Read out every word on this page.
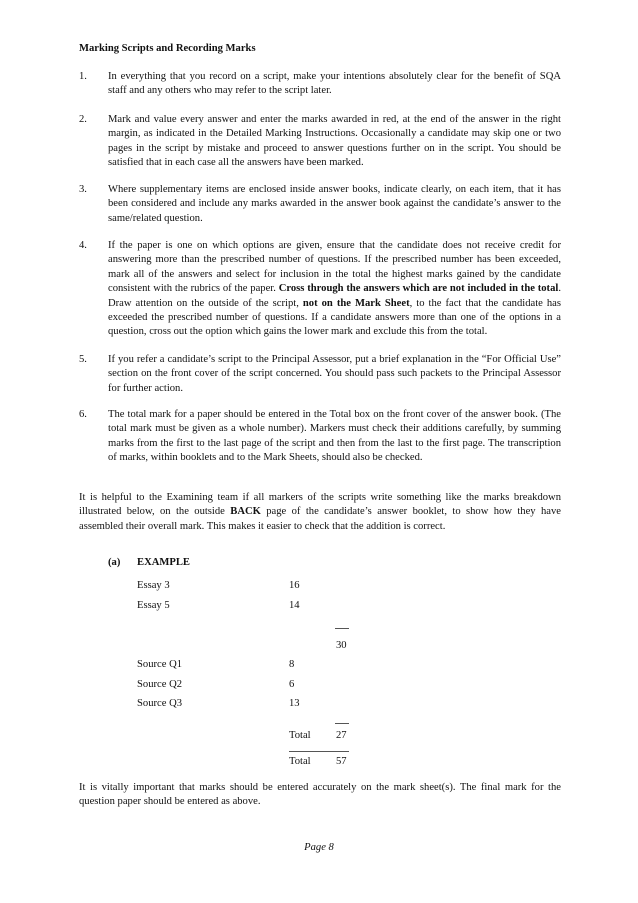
Marking Scripts and Recording Marks
1. In everything that you record on a script, make your intentions absolutely clear for the benefit of SQA staff and any others who may refer to the script later.
2. Mark and value every answer and enter the marks awarded in red, at the end of the answer in the right margin, as indicated in the Detailed Marking Instructions. Occasionally a candidate may skip one or two pages in the script by mistake and proceed to answer questions further on in the script. You should be satisfied that in each case all the answers have been marked.
3. Where supplementary items are enclosed inside answer books, indicate clearly, on each item, that it has been considered and include any marks awarded in the answer book against the candidate’s answer to the same/related question.
4. If the paper is one on which options are given, ensure that the candidate does not receive credit for answering more than the prescribed number of questions. If the prescribed number has been exceeded, mark all of the answers and select for inclusion in the total the highest marks gained by the candidate consistent with the rubrics of the paper. Cross through the answers which are not included in the total. Draw attention on the outside of the script, not on the Mark Sheet, to the fact that the candidate has exceeded the prescribed number of questions. If a candidate answers more than one of the options in a question, cross out the option which gains the lower mark and exclude this from the total.
5. If you refer a candidate’s script to the Principal Assessor, put a brief explanation in the “For Official Use” section on the front cover of the script concerned. You should pass such packets to the Principal Assessor for further action.
6. The total mark for a paper should be entered in the Total box on the front cover of the answer book. (The total mark must be given as a whole number). Markers must check their additions carefully, by summing marks from the first to the last page of the script and then from the last to the first page. The transcription of marks, within booklets and to the Mark Sheets, should also be checked.
It is helpful to the Examining team if all markers of the scripts write something like the marks breakdown illustrated below, on the outside BACK page of the candidate’s answer booklet, to show how they have assembled their overall mark. This makes it easier to check that the addition is correct.
It is vitally important that marks should be entered accurately on the mark sheet(s). The final mark for the question paper should be entered as above.
(a) EXAMPLE
Essay 3	16
Essay 5	14
30
Source Q1	8
Source Q2	6
Source Q3	13
Total 27
Total 57
Page 8
